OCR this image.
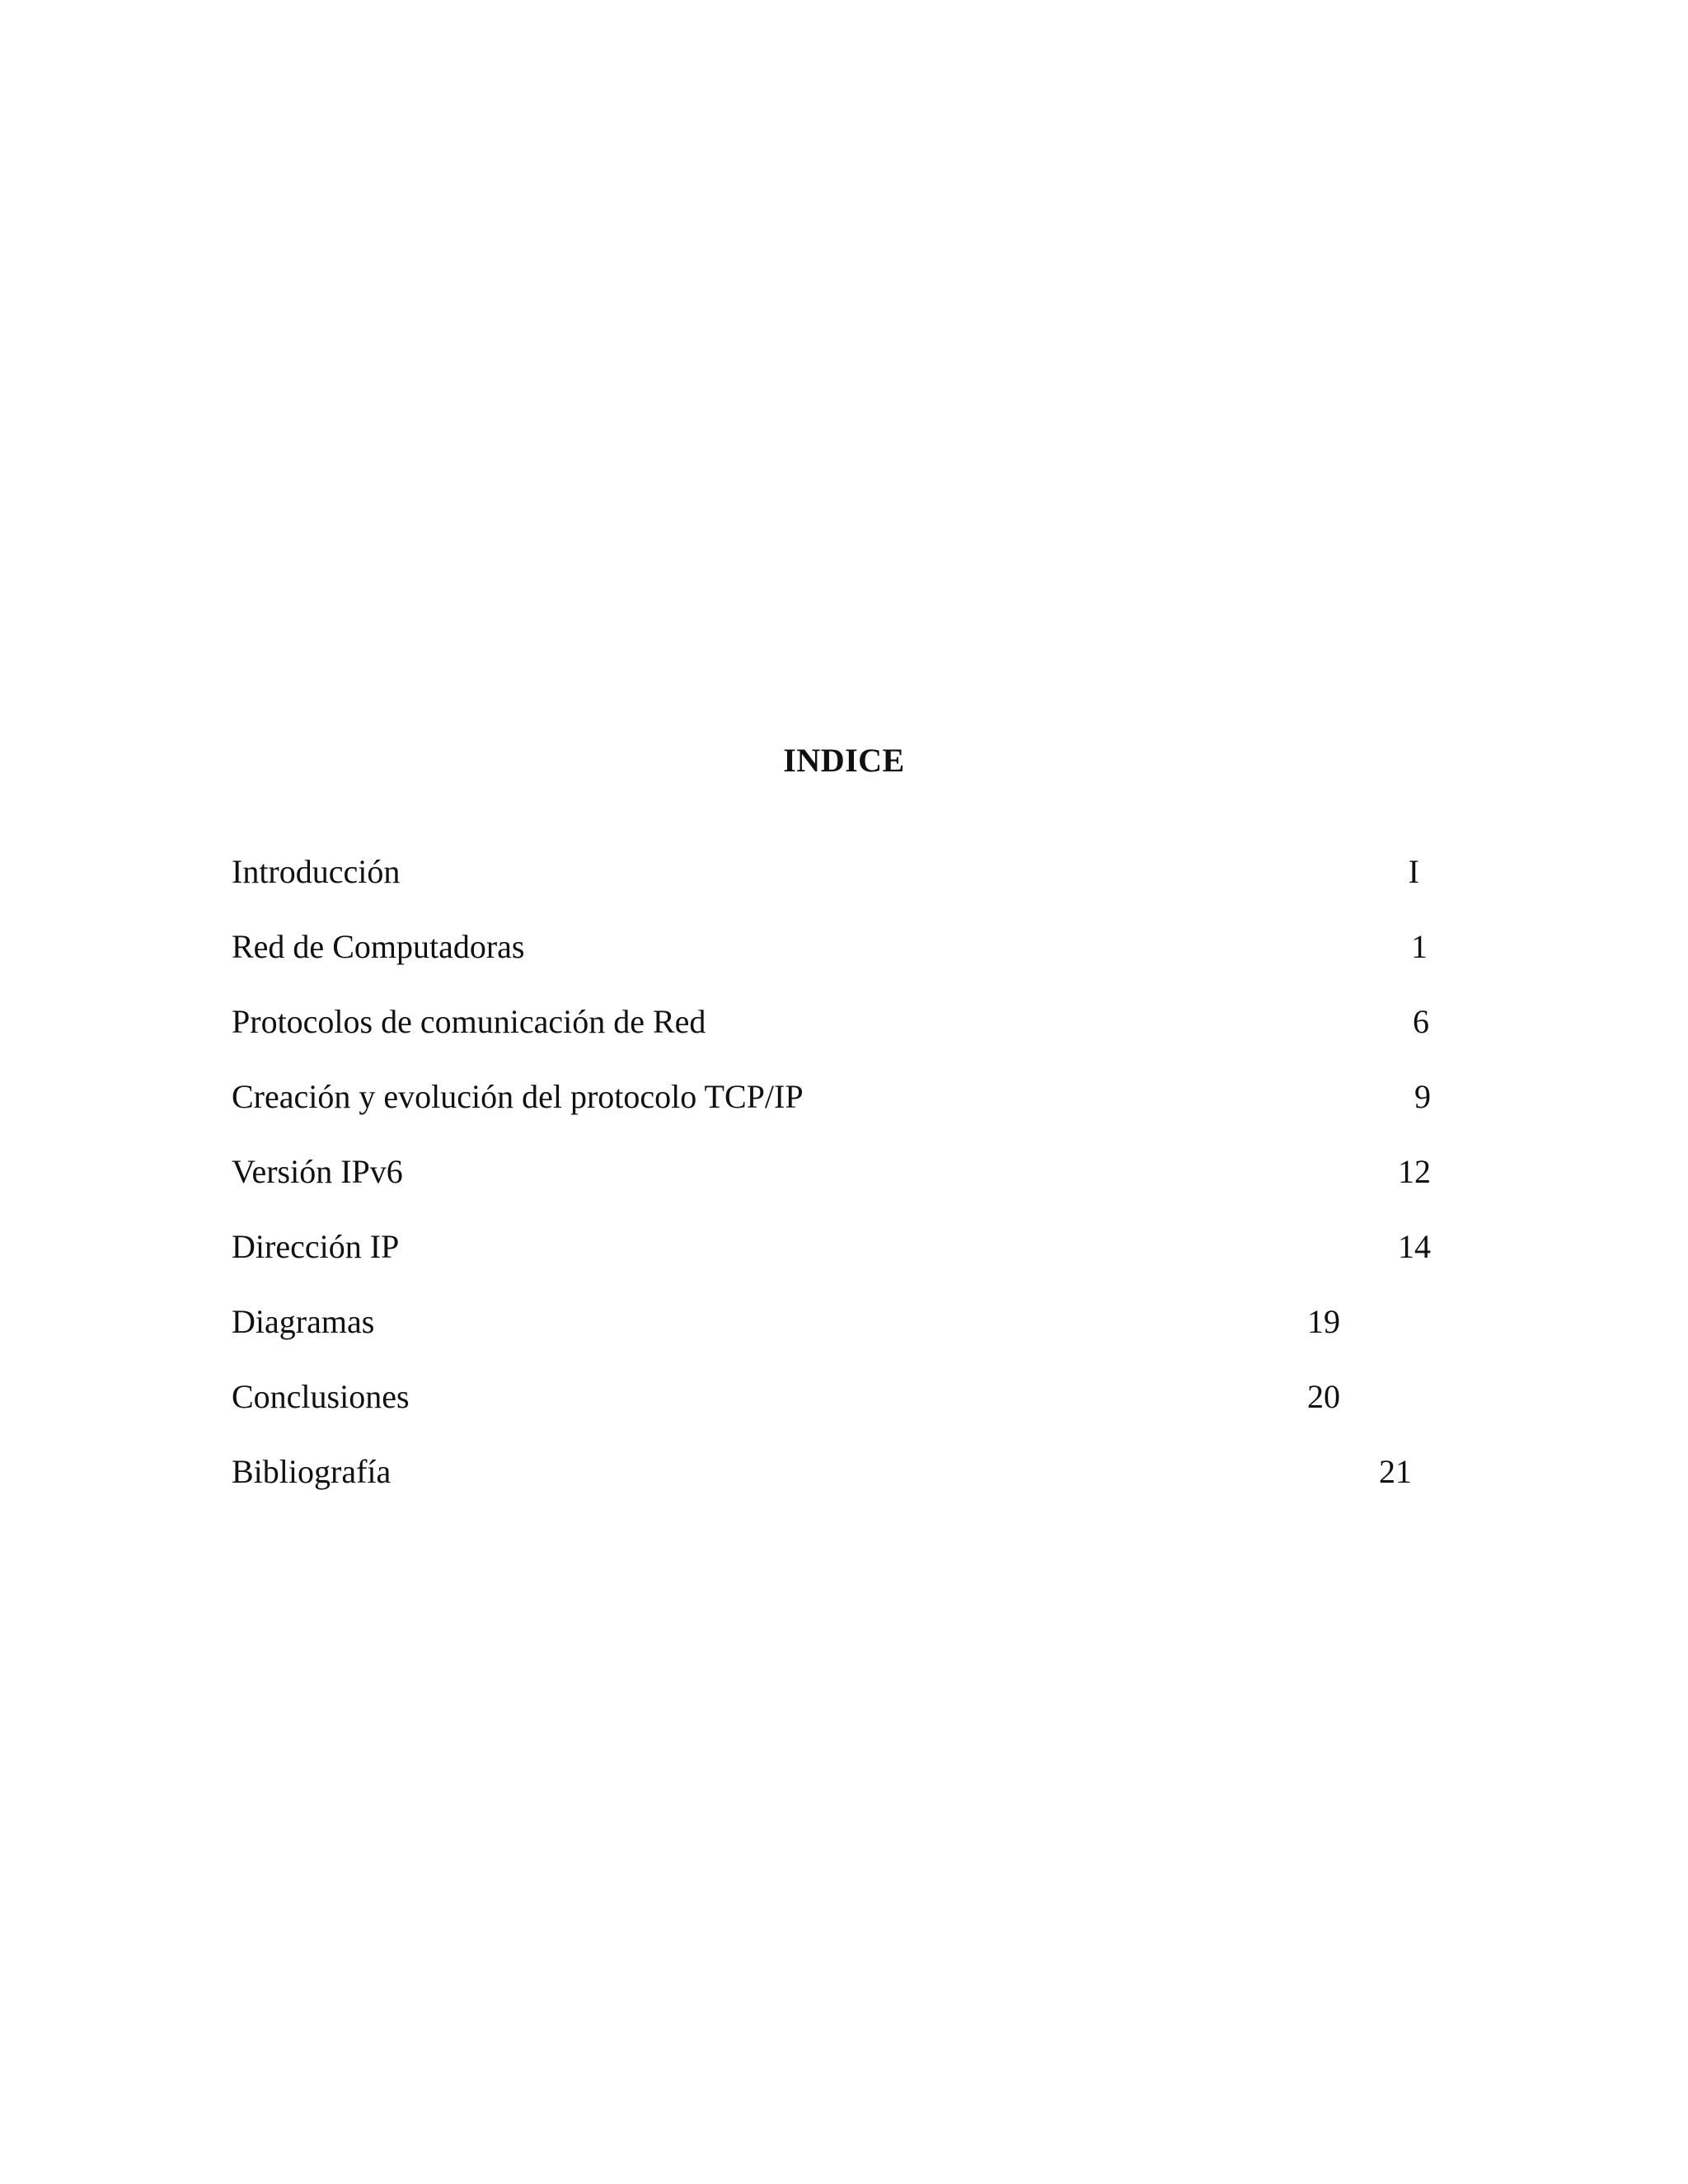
INDICE
Introducción	I
Red de Computadoras	1
Protocolos de comunicación de Red	6
Creación y evolución del protocolo TCP/IP	9
Versión IPv6	12
Dirección IP	14
Diagramas	19
Conclusiones	20
Bibliografía	21
